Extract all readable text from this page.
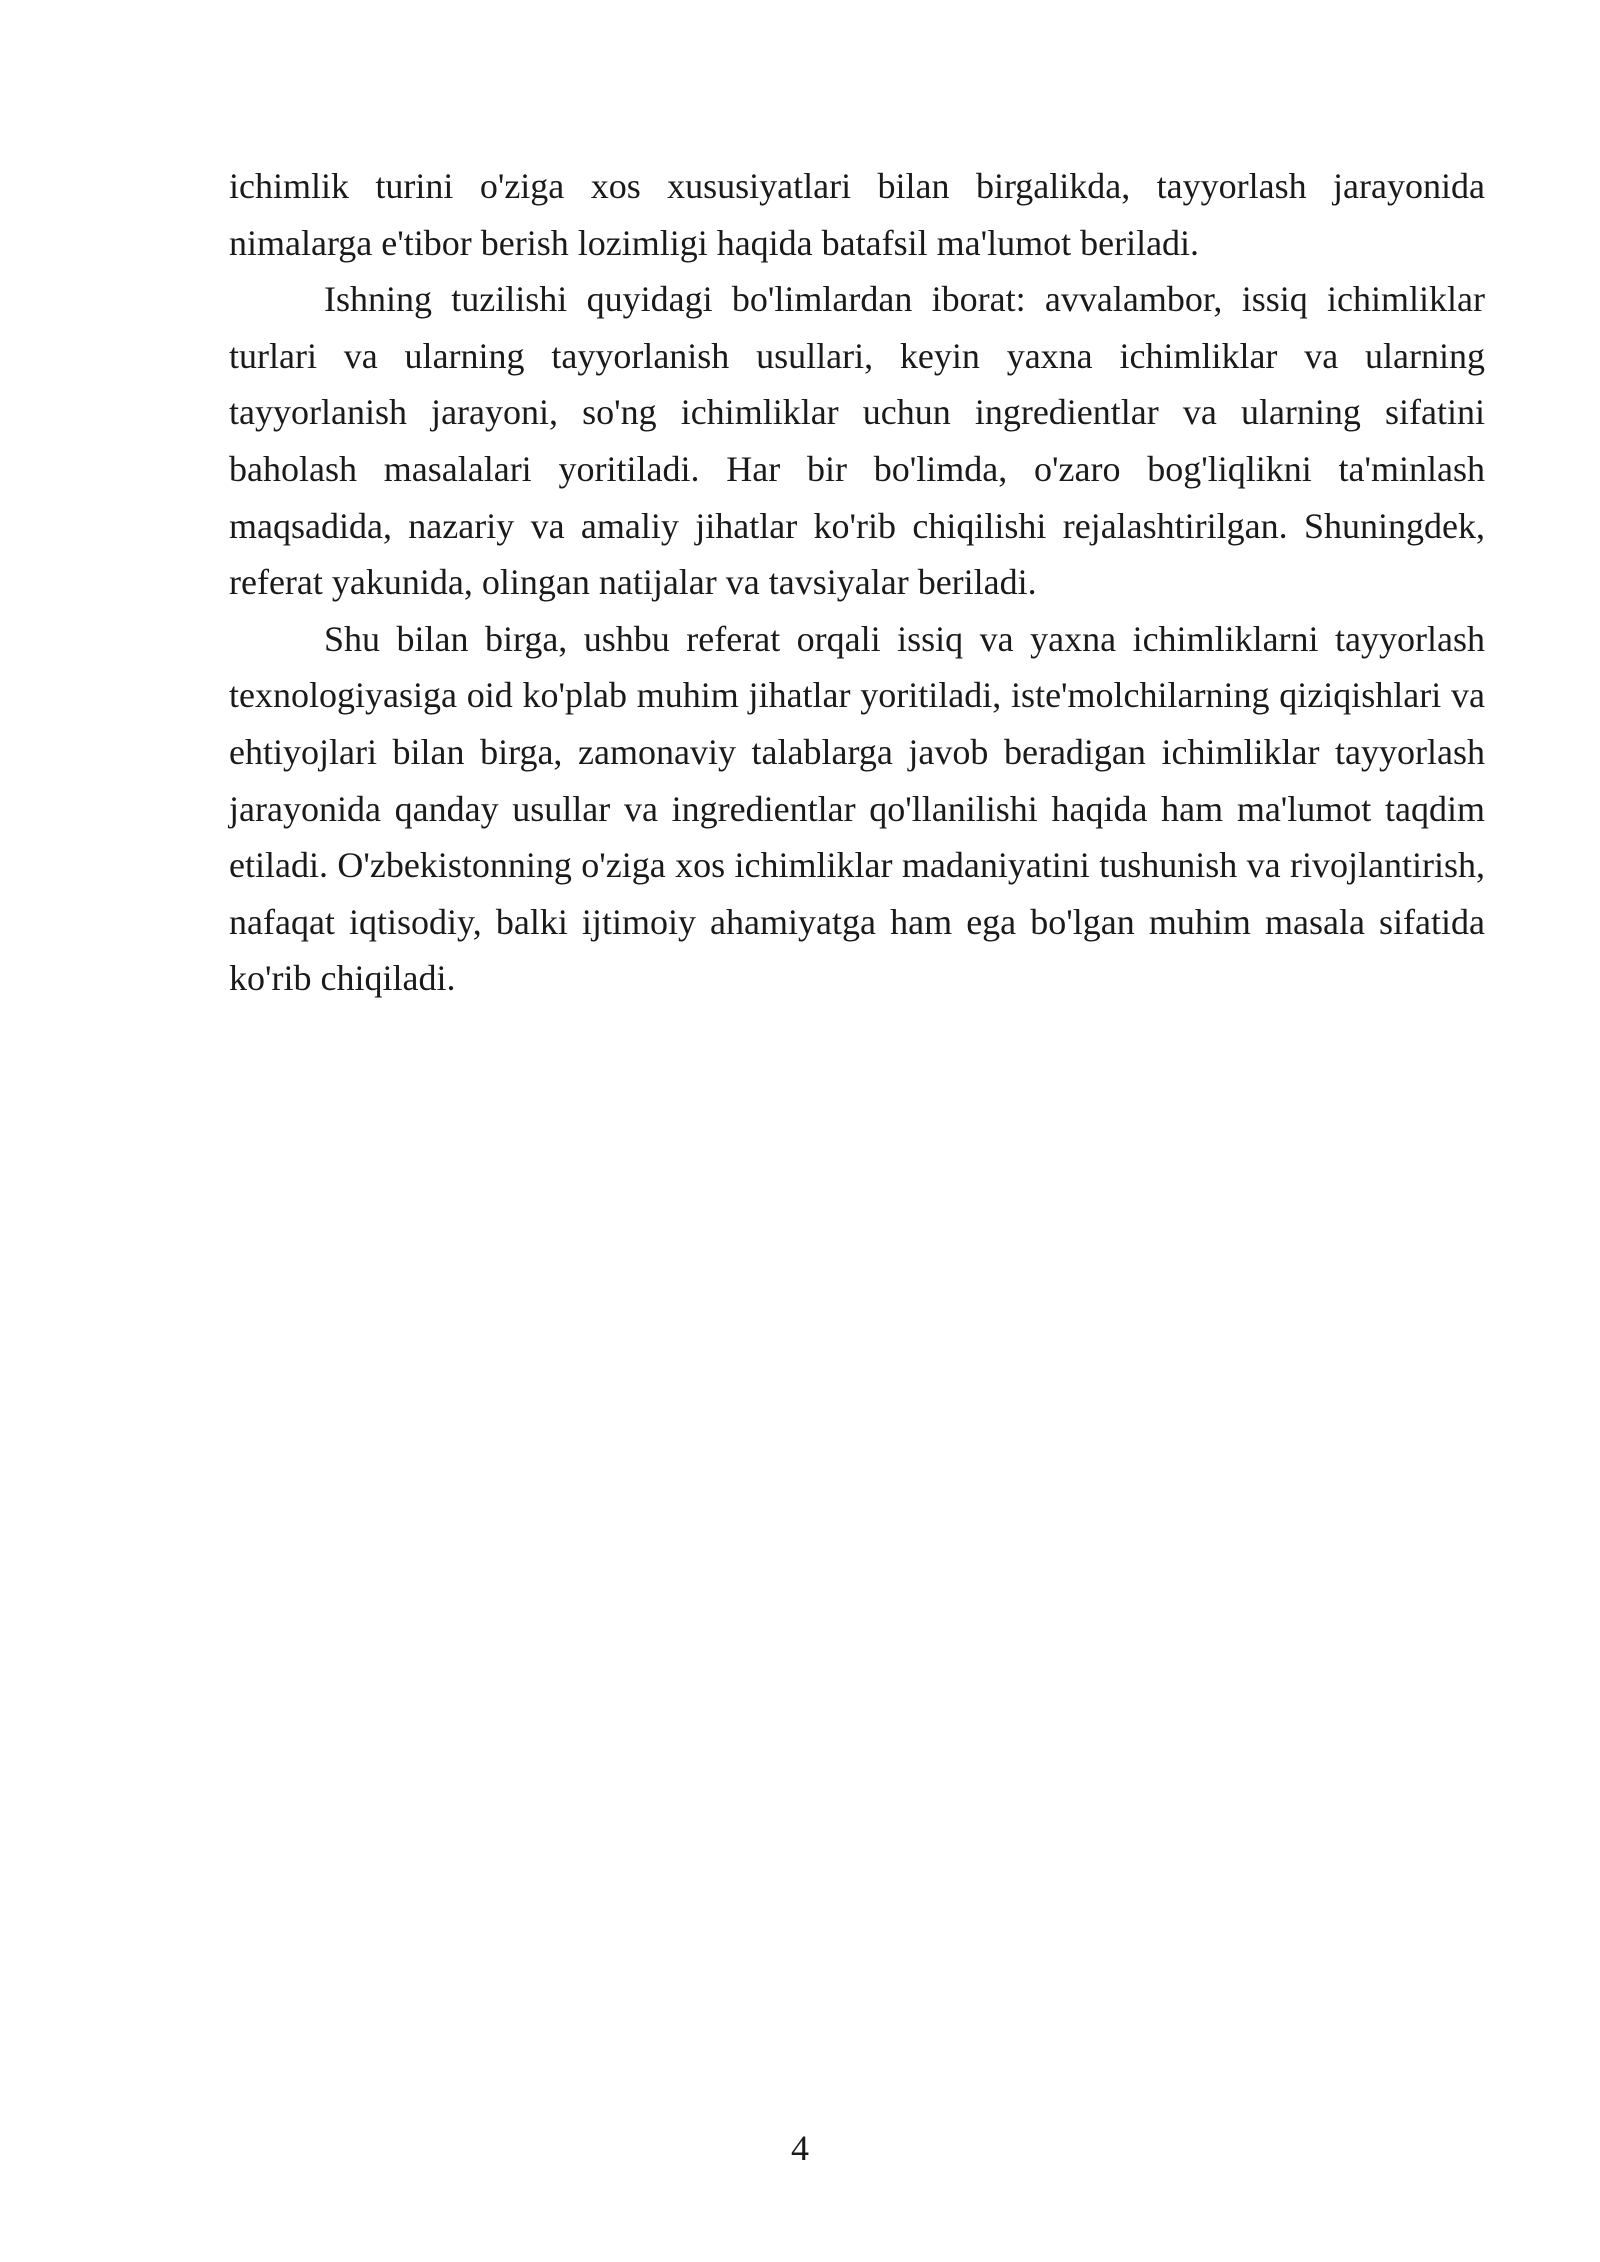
ichimlik turini o'ziga xos xususiyatlari bilan birgalikda, tayyorlash jarayonida nimalarga e'tibor berish lozimligi haqida batafsil ma'lumot beriladi.

Ishning tuzilishi quyidagi bo'limlardan iborat: avvalambor, issiq ichimliklar turlari va ularning tayyorlanish usullari, keyin yaxna ichimliklar va ularning tayyorlanish jarayoni, so'ng ichimliklar uchun ingredientlar va ularning sifatini baholash masalalari yoritiladi. Har bir bo'limda, o'zaro bog'liqlikni ta'minlash maqsadida, nazariy va amaliy jihatlar ko'rib chiqilishi rejalashtirilgan. Shuningdek, referat yakunida, olingan natijalar va tavsiyalar beriladi.

Shu bilan birga, ushbu referat orqali issiq va yaxna ichimliklarni tayyorlash texnologiyasiga oid ko'plab muhim jihatlar yoritiladi, iste'molchilarning qiziqishlari va ehtiyojlari bilan birga, zamonaviy talablarga javob beradigan ichimliklar tayyorlash jarayonida qanday usullar va ingredientlar qo'llanilishi haqida ham ma'lumot taqdim etiladi. O'zbekistonning o'ziga xos ichimliklar madaniyatini tushunish va rivojlantirish, nafaqat iqtisodiy, balki ijtimoiy ahamiyatga ham ega bo'lgan muhim masala sifatida ko'rib chiqiladi.

4
